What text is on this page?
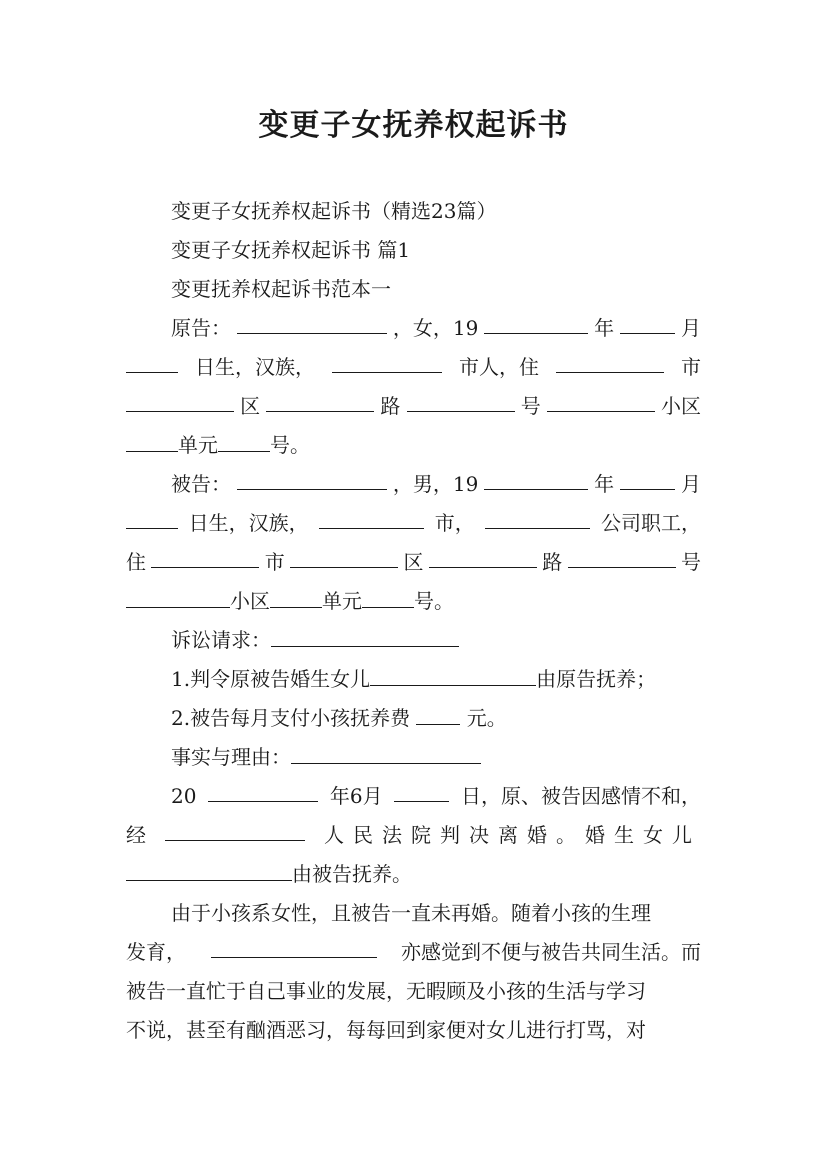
变更子女抚养权起诉书
变更子女抚养权起诉书（精选23篇）
变更子女抚养权起诉书 篇1
变更抚养权起诉书范本一
原告：	，女，19	年	月
日生，汉族，	市人，住	市
区	路	号	小区
单元	号。
被告：	，男，19	年	月
日生，汉族，	市，	公司职工，
住	市	区	路	号
小区	单元	号。
诉讼请求：
1.判令原被告婚生女儿	由原告抚养；
2.被告每月支付小孩抚养费  元。
事实与理由：
20	年6月	日，原、被告因感情不和，
经	人民法院判决离婚。婚生女儿
由被告抚养。
由于小孩系女性，且被告一直未再婚。随着小孩的生理
发育，	亦感觉到不便与被告共同生活。而
被告一直忙于自己事业的发展，无暇顾及小孩的生活与学习
不说，甚至有酗酒恶习，每每回到家便对女儿进行打骂，对
